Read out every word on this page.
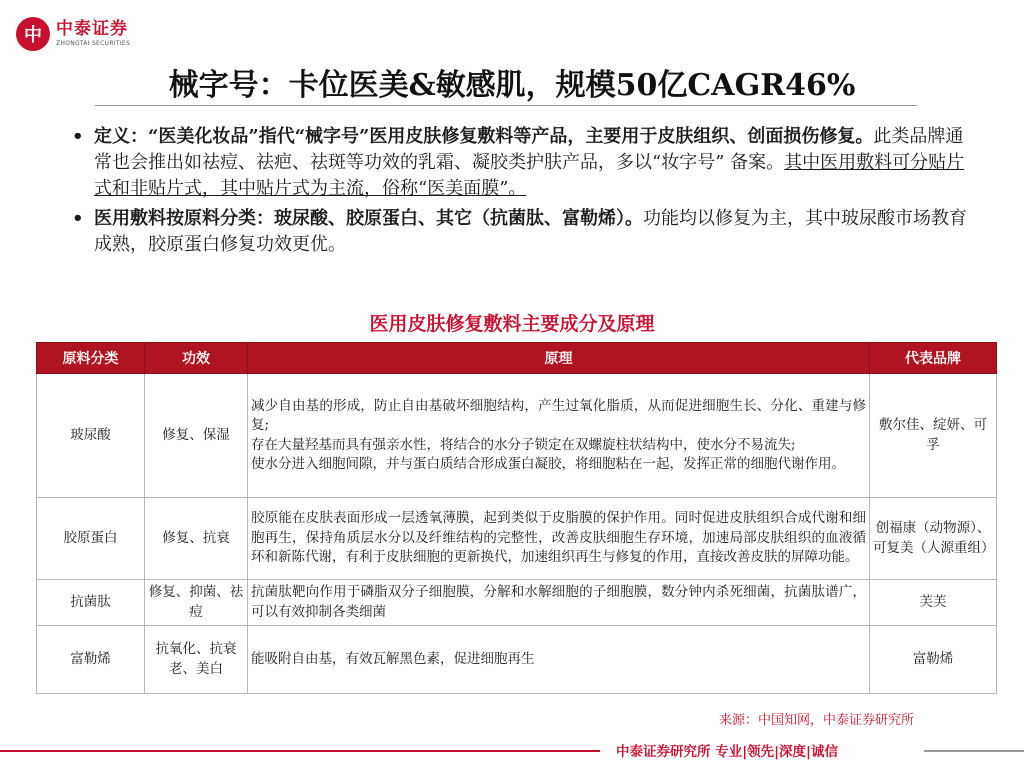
中 中泰证券
ZHONGTAI SECURITIES
械字号：卡位医美&敏感肌，规模50亿CAGR46%
• 定义：“医美化妆品”指代“械字号”医用皮肤修复敷料等产品，主要用于皮肤组织、创面损伤修复。此类品牌通常也会推出如祛痘、祛疤、祛斑等功效的乳霜、凝胶类护肤产品，多以“妆字号” 备案。其中医用敷料可分贴片式和非贴片式，其中贴片式为主流，俗称“医美面膜”。
• 医用敷料按原料分类：玻尿酸、胶原蛋白、其它（抗菌肽、富勒烯）。功能均以修复为主，其中玻尿酸市场教育成熟，胶原蛋白修复功效更优。
医用皮肤修复敷料主要成分及原理
原料分类	功效	原理	代表品牌
玻尿酸	修复、保湿	减少自由基的形成，防止自由基破坏细胞结构，产生过氧化脂质，从而促进细胞生长、分化、重建与修复;
存在大量羟基而具有强亲水性，将结合的水分子锁定在双螺旋柱状结构中，使水分不易流失;
使水分进入细胞间隙，并与蛋白质结合形成蛋白凝胶，将细胞粘在一起，发挥正常的细胞代谢作用。	敷尔佳、绽妍、可孚
胶原蛋白	修复、抗衰	胶原能在皮肤表面形成一层透氧薄膜，起到类似于皮脂膜的保护作用。同时促进皮肤组织合成代谢和细胞再生，保持角质层水分以及纤维结构的完整性，改善皮肤细胞生存环境，加速局部皮肤组织的血液循环和新陈代谢，有利于皮肤细胞的更新换代，加速组织再生与修复的作用，直接改善皮肤的屏障功能。	创福康（动物源）、可复美（人源重组）
抗菌肽	修复、抑菌、祛痘	抗菌肽靶向作用于磷脂双分子细胞膜，分解和水解细胞的子细胞膜，数分钟内杀死细菌，抗菌肽谱广，可以有效抑制各类细菌	芙芙
富勒烯	抗氧化、抗衰老、美白	能吸附自由基，有效瓦解黑色素，促进细胞再生	富勒烯
来源：中国知网，中泰证券研究所
中泰证券研究所 专业|领先|深度|诚信
